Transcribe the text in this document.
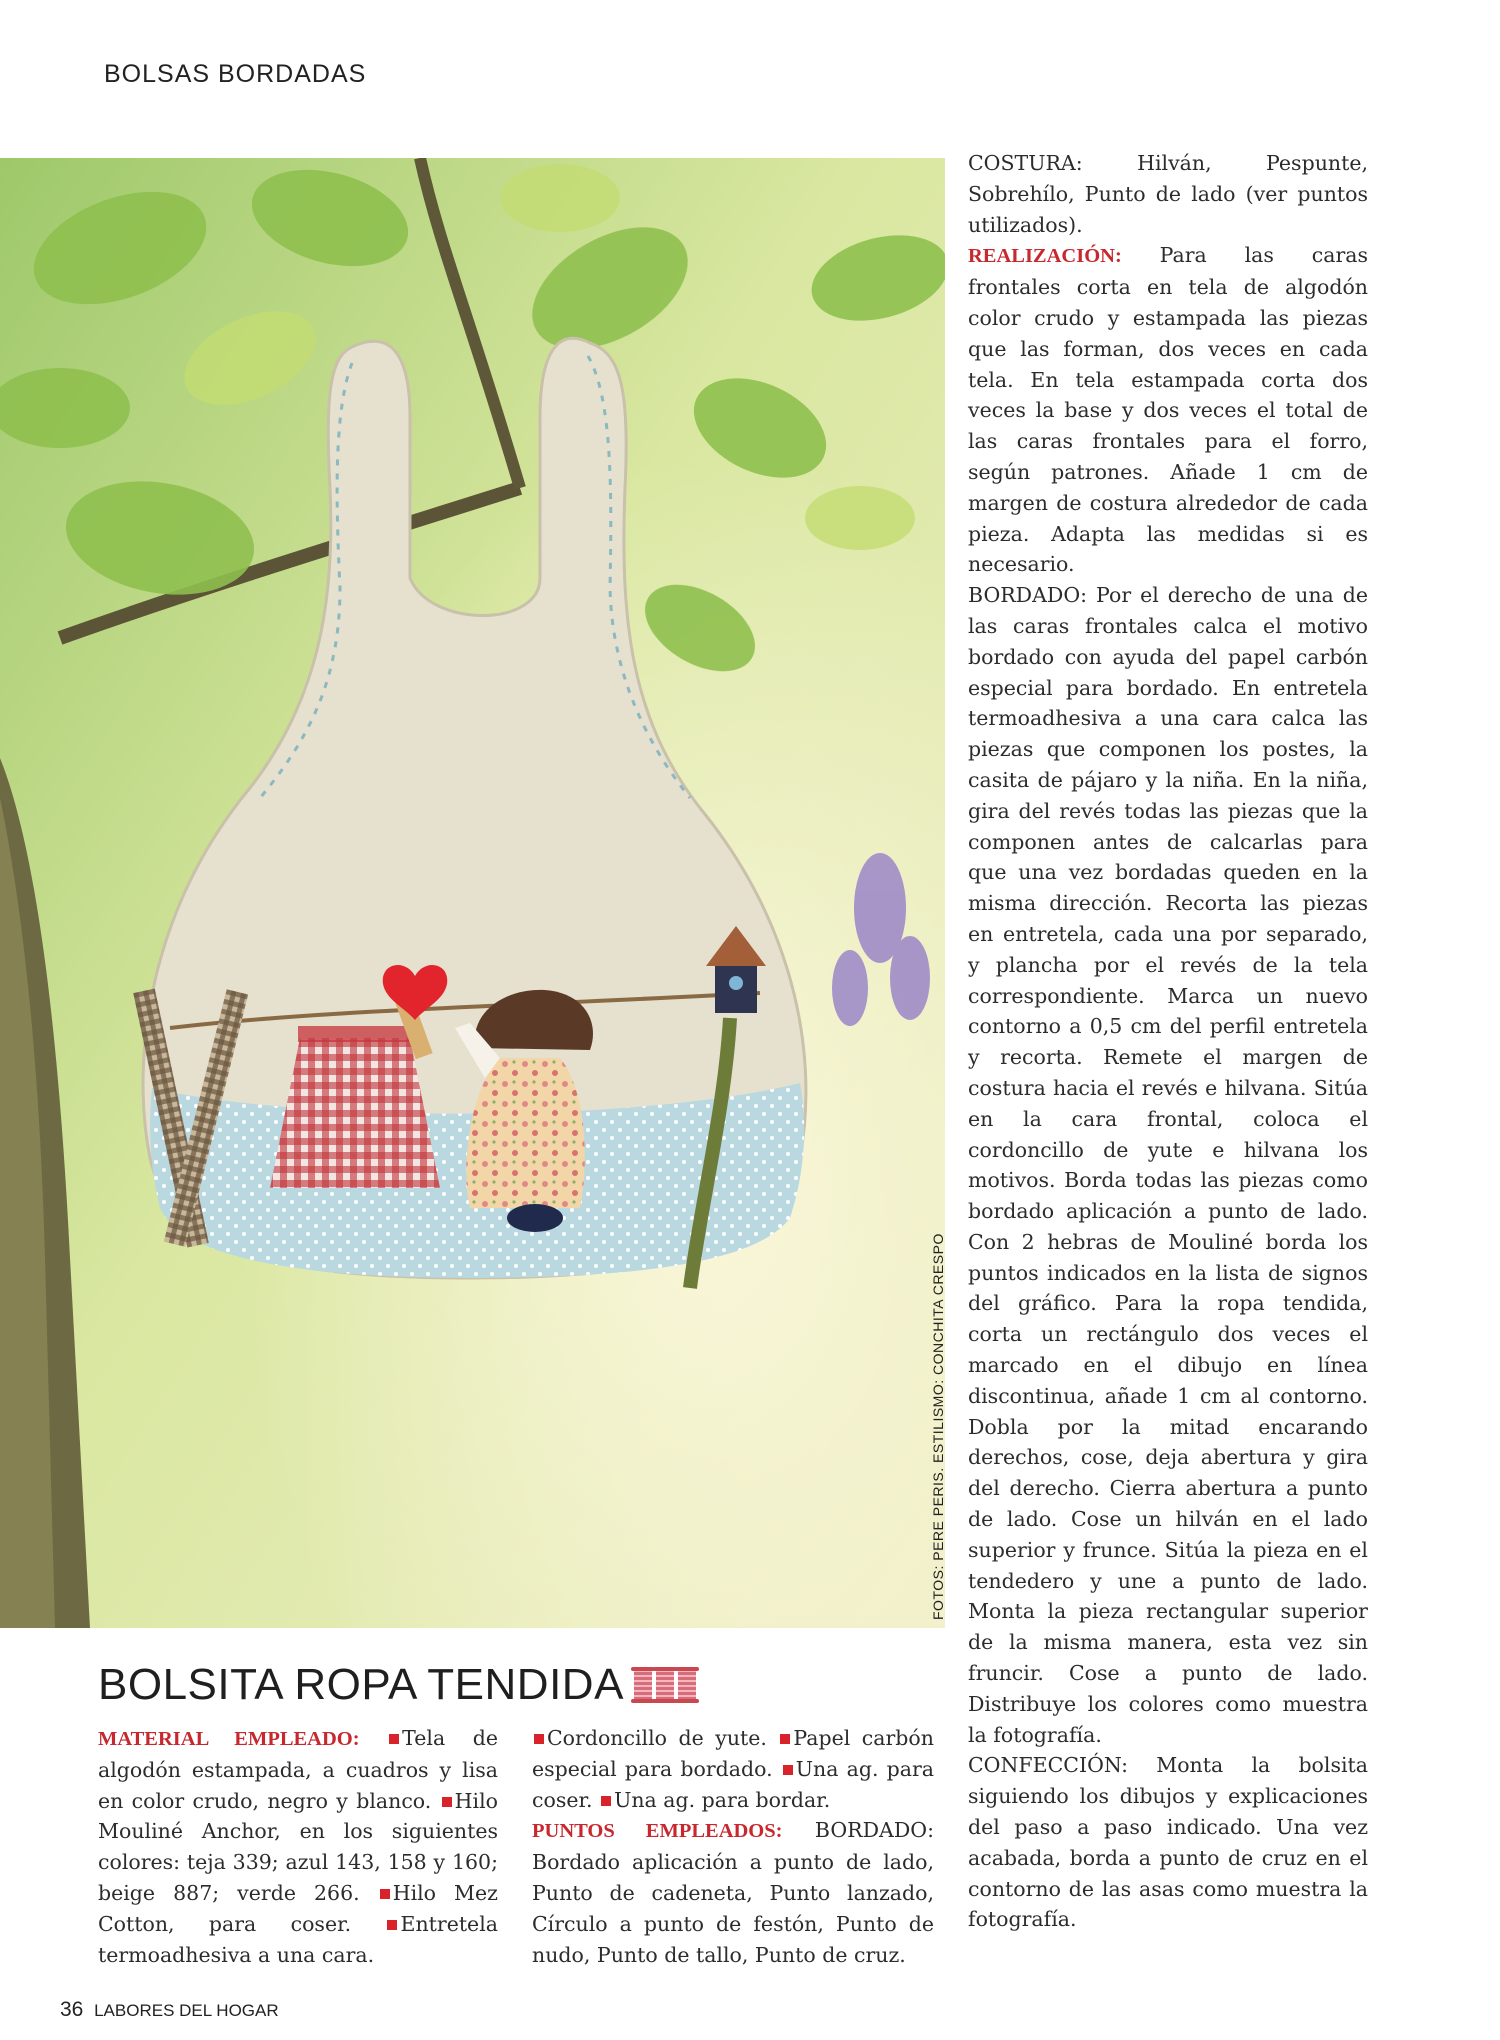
BOLSAS BORDADAS
FOTOS: PERE PERIS. ESTILISMO: CONCHITA CRESPO
BOLSITA ROPA TENDIDA
MATERIAL EMPLEADO: Tela de algodón estampada, a cuadros y lisa en color crudo, negro y blanco. Hilo Mouliné Anchor, en los siguientes colores: teja 339; azul 143, 158 y 160; beige 887; verde 266. Hilo Mez Cotton, para coser. Entretela termoadhesiva a una cara.
Cordoncillo de yute. Papel carbón especial para bordado. Una ag. para coser. Una ag. para bordar.
PUNTOS EMPLEADOS: BORDADO: Bordado aplicación a punto de lado, Punto de cadeneta, Punto lanzado, Círculo a punto de festón, Punto de nudo, Punto de tallo, Punto de cruz.
COSTURA:	Hilván, Pespunte, Sobrehílo, Punto de lado (ver puntos utilizados).
REALIZACIÓN: Para las caras frontales corta en tela de algodón color crudo y estampada las piezas que las forman, dos veces en cada tela. En tela estampada corta dos veces la base y dos veces el total de las caras frontales para el forro, según patrones. Añade 1 cm de margen de costura alrededor de cada pieza. Adapta las medidas si es necesario.
BORDADO: Por el derecho de una de las caras frontales calca el motivo bordado con ayuda del papel carbón especial para bordado. En entretela termoadhesiva a una cara calca las piezas que componen los postes, la casita de pájaro y la niña. En la niña, gira del revés todas las piezas que la componen antes de calcarlas para que una vez bordadas queden en la misma dirección. Recorta las piezas en entretela, cada una por separado, y plancha por el revés de la tela correspondiente. Marca un nuevo contorno a 0,5 cm del perfil entretela y recorta. Remete el margen de costura hacia el revés e hilvana. Sitúa en la cara frontal, coloca el cordoncillo de yute e hilvana los motivos. Borda todas las piezas como bordado aplicación a punto de lado. Con 2 hebras de Mouliné borda los puntos indicados en la lista de signos del gráfico. Para la ropa tendida, corta un rectángulo dos veces el marcado en el dibujo en línea discontinua, añade 1 cm al contorno. Dobla por la mitad encarando derechos, cose, deja abertura y gira del derecho. Cierra abertura a punto de lado. Cose un hilván en el lado superior y frunce. Sitúa la pieza en el tendedero y une a punto de lado. Monta la pieza rectangular superior de la misma manera, esta vez sin fruncir. Cose a punto de lado. Distribuye los colores como muestra la fotografía.
CONFECCIÓN: Monta la bolsita siguiendo los dibujos y explicaciones del paso a paso indicado. Una vez acabada, borda a punto de cruz en el contorno de las asas como muestra la fotografía.
36 LABORES DEL HOGAR
